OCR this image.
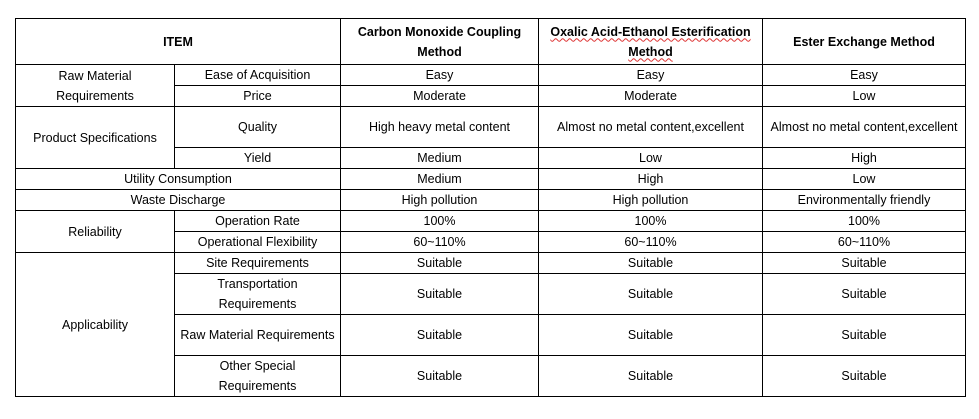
ITEM		Carbon Monoxide Coupling Method	Oxalic Acid-Ethanol Esterification Method	Ester Exchange Method
Raw Material Requirements	Ease of Acquisition	Easy	Easy	Easy
	Price	Moderate	Moderate	Low
Product Specifications	Quality	High heavy metal content	Almost no metal content,excellent	Almost no metal content,excellent
	Yield	Medium	Low	High
Utility Consumption		Medium	High	Low
Waste Discharge		High pollution	High pollution	Environmentally friendly
Reliability	Operation Rate	100%	100%	100%
	Operational Flexibility	60~110%	60~110%	60~110%
Applicability	Site Requirements	Suitable	Suitable	Suitable
	Transportation Requirements	Suitable	Suitable	Suitable
	Raw Material Requirements	Suitable	Suitable	Suitable
	Other Special Requirements	Suitable	Suitable	Suitable
